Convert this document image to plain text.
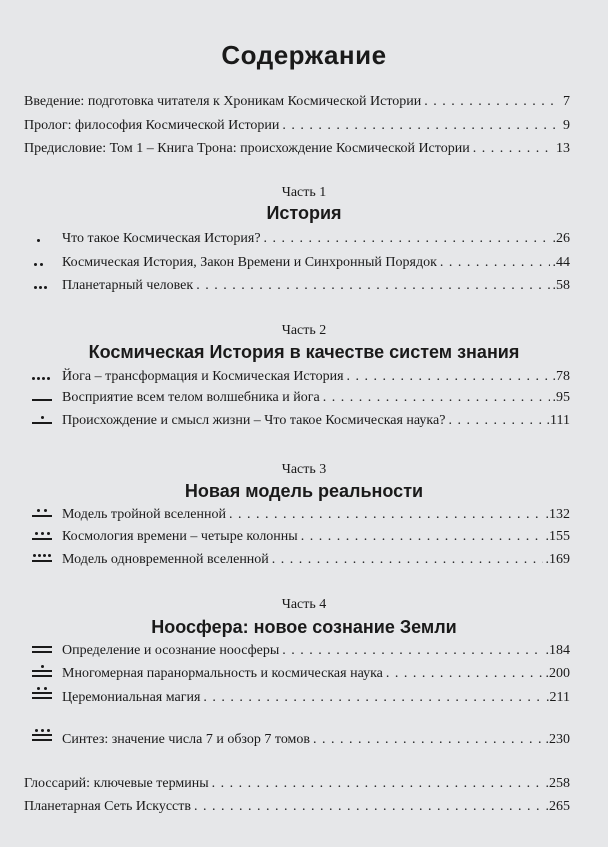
Содержание
Введение: подготовка читателя к Хроникам Космической Истории . . .	7
Пролог: философия Космической Истории . . .	9
Предисловие: Том 1 – Книга Трона: происхождение Космической Истории . . .	13
Часть 1
История
Что такое Космическая История? . . .	.26
Космическая История, Закон Времени и Синхронный Порядок . . .	.44
Планетарный человек . . .	.58
Часть 2
Космическая История в качестве систем знания
Йога – трансформация и Космическая История . . .	.78
Восприятие всем телом волшебника и йога . . .	.95
Происхождение и смысл жизни – Что такое Космическая наука? . . .	.111
Часть 3
Новая модель реальности
Модель тройной вселенной . . .	.132
Космология времени – четыре колонны . . .	.155
Модель одновременной вселенной . . .	.169
Часть 4
Ноосфера: новое сознание Земли
Определение и осознание ноосферы . . .	.184
Многомерная паранормальность и космическая наука . . .	.200
Церемониальная магия . . .	.211
Синтез: значение числа 7 и обзор 7 томов . . .	.230
Глоссарий: ключевые термины . . .	.258
Планетарная Сеть Искусств . . .	.265
